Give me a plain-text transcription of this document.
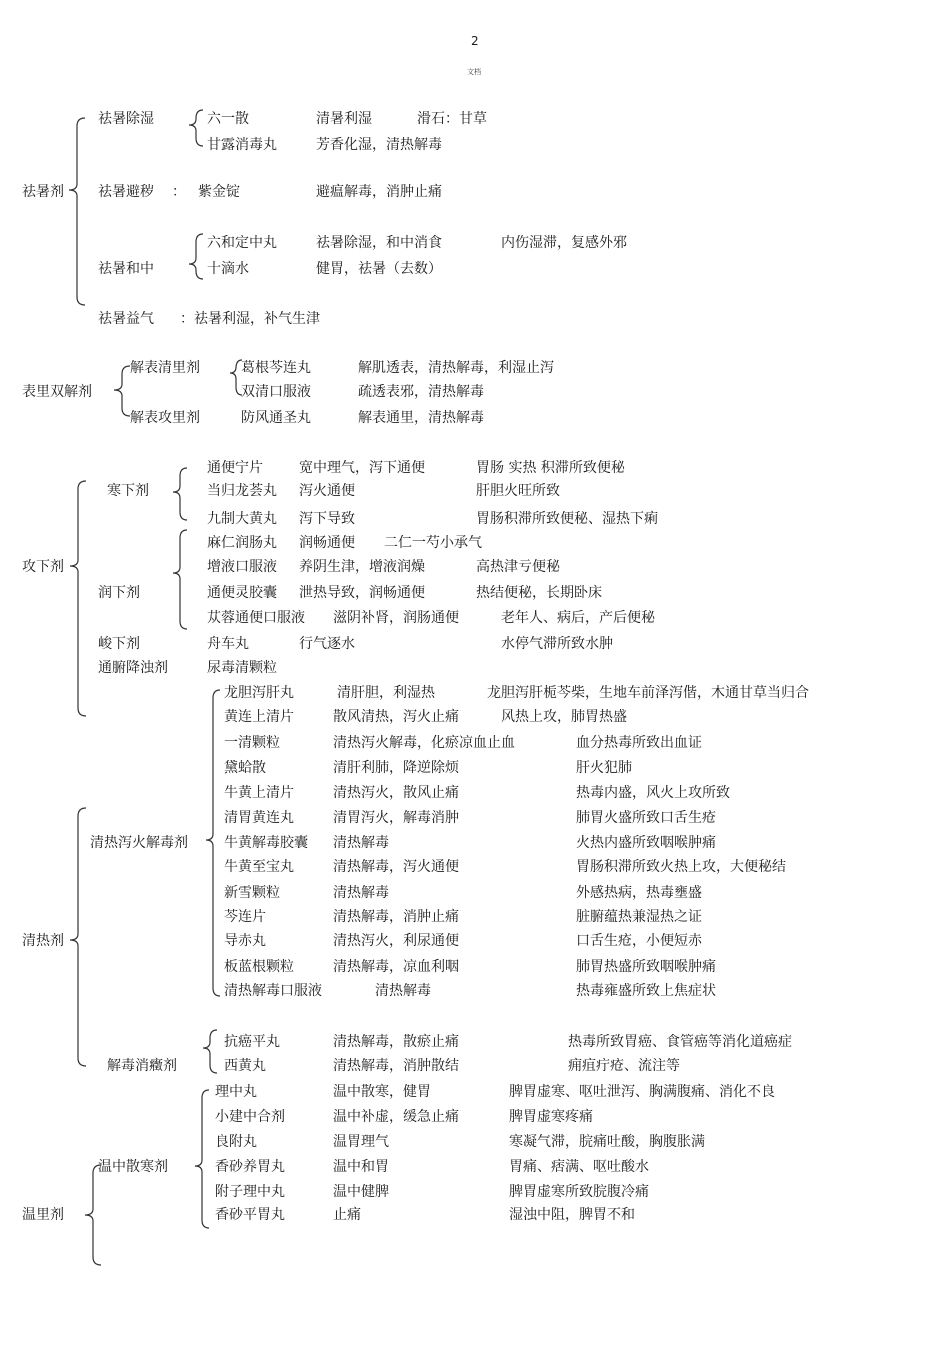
2
文档
祛暑剂
祛暑除湿	六一散	清暑利湿	滑石：甘草
甘露消毒丸	芳香化湿，清热解毒
祛暑避秽 ： 紫金锭	避瘟解毒，消肿止痛
六和定中丸	祛暑除湿，和中消食	内伤湿滞，复感外邪
祛暑和中	十滴水	健胃，祛暑（去数）
祛暑益气 ：祛暑利湿，补气生津
表里双解剂
解表清里剂	葛根芩连丸	解肌透表，清热解毒，利湿止泻
双清口服液	疏透表邪，清热解毒
解表攻里剂	防风通圣丸	解表通里，清热解毒
攻下剂
寒下剂
通便宁片	宽中理气，泻下通便	胃肠 实热 积滞所致便秘
当归龙荟丸 泻火通便	肝胆火旺所致
九制大黄丸 泻下导致	胃肠积滞所致便秘、湿热下痢
润下剂
麻仁润肠丸 润畅通便 二仁一芍小承气
增液口服液 养阴生津，增液润燥	高热津亏便秘
通便灵胶囊 泄热导致，润畅通便	热结便秘，长期卧床
苁蓉通便口服液 滋阴补肾，润肠通便	老年人、病后，产后便秘
峻下剂	舟车丸	行气逐水	水停气滞所致水肿
通腑降浊剂	尿毒清颗粒
清热剂
清热泻火解毒剂
龙胆泻肝丸	清肝胆，利湿热	龙胆泻肝栀芩柴，生地车前泽泻偕，木通甘草当归合
黄连上清片	散风清热，泻火止痛	风热上攻，肺胃热盛
一清颗粒	清热泻火解毒，化瘀凉血止血	血分热毒所致出血证
黛蛤散	清肝利肺，降逆除烦	肝火犯肺
牛黄上清片	清热泻火，散风止痛	热毒内盛，风火上攻所致
清胃黄连丸	清胃泻火，解毒消肿	肺胃火盛所致口舌生疮
牛黄解毒胶囊 清热解毒	火热内盛所致咽喉肿痛
牛黄至宝丸	清热解毒，泻火通便	胃肠积滞所致火热上攻，大便秘结
新雪颗粒	清热解毒	外感热病，热毒壅盛
芩连片	清热解毒，消肿止痛	脏腑蕴热兼湿热之证
导赤丸	清热泻火，利尿通便	口舌生疮，小便短赤
板蓝根颗粒	清热解毒，凉血利咽	肺胃热盛所致咽喉肿痛
清热解毒口服液	清热解毒	热毒雍盛所致上焦症状
解毒消癥剂
抗癌平丸	清热解毒，散瘀止痛	热毒所致胃癌、食管癌等消化道癌症
西黄丸	清热解毒，消肿散结	痈疽疔疮、流注等
温里剂
温中散寒剂
理中丸	温中散寒，健胃	脾胃虚寒、呕吐泄泻、胸满腹痛、消化不良
小建中合剂	温中补虚，缓急止痛	脾胃虚寒疼痛
良附丸	温胃理气	寒凝气滞，脘痛吐酸，胸腹胀满
香砂养胃丸	温中和胃	胃痛、痞满、呕吐酸水
附子理中丸	温中健脾	脾胃虚寒所致脘腹冷痛
香砂平胃丸	止痛	湿浊中阻，脾胃不和
